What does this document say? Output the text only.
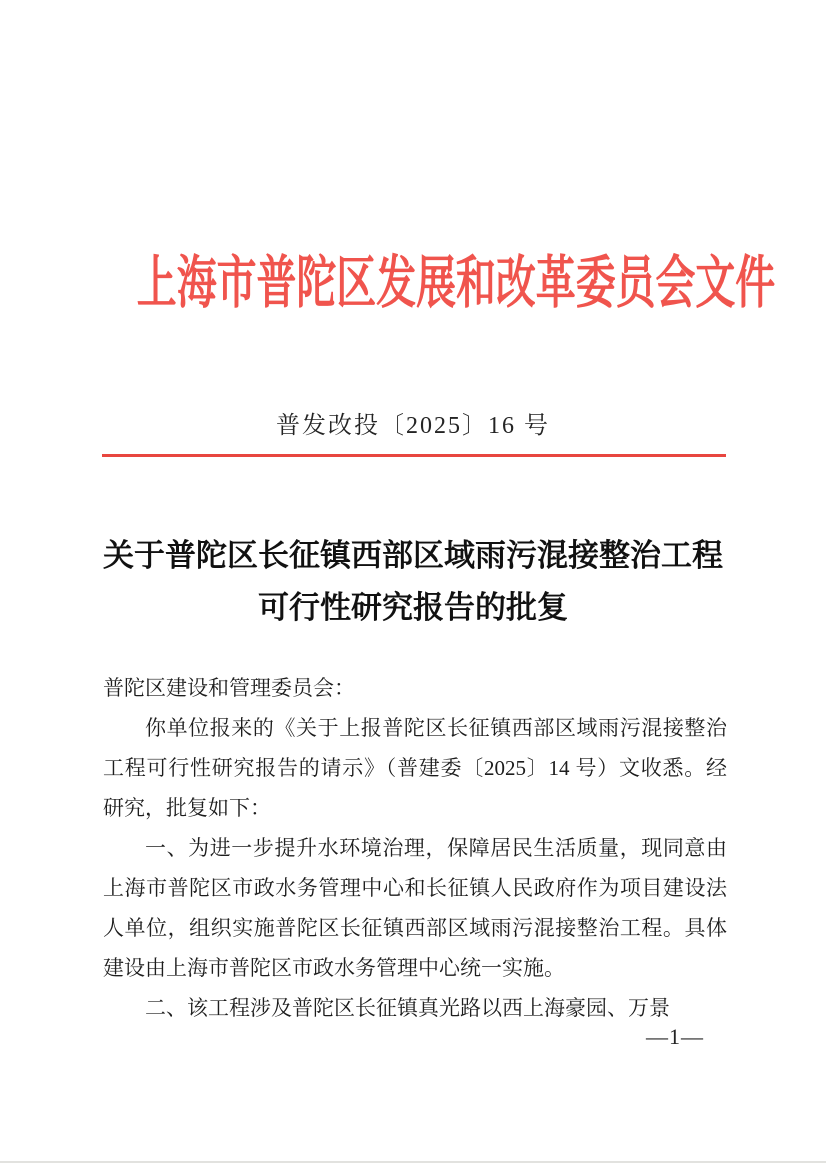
上海市普陀区发展和改革委员会文件
普发改投〔2025〕16 号
关于普陀区长征镇西部区域雨污混接整治工程
可行性研究报告的批复

普陀区建设和管理委员会：

你单位报来的《关于上报普陀区长征镇西部区域雨污混接整治工程可行性研究报告的请示》（普建委〔2025〕14 号）文收悉。经研究，批复如下：

一、为进一步提升水环境治理，保障居民生活质量，现同意由上海市普陀区市政水务管理中心和长征镇人民政府作为项目建设法人单位，组织实施普陀区长征镇西部区域雨污混接整治工程。具体建设由上海市普陀区市政水务管理中心统一实施。

二、该工程涉及普陀区长征镇真光路以西上海豪园、万景

—1—
